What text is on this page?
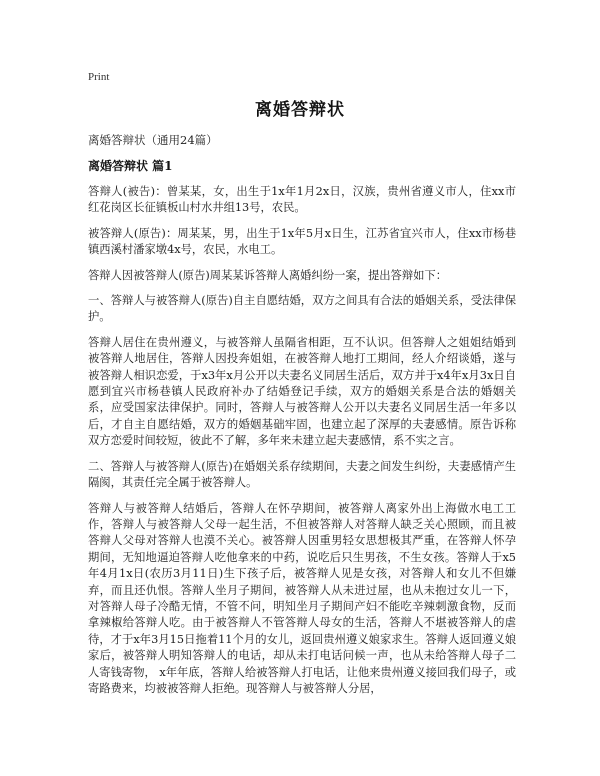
Print
离婚答辩状

离婚答辩状（通用24篇）

离婚答辩状 篇1

答辩人(被告)：曾某某，女，出生于1x年1月2x日，汉族，贵州省遵义市人，住xx市红花岗区长征镇板山村水井组13号，农民。

被答辩人(原告)：周某某，男，出生于1x年5月x日生，江苏省宜兴市人，住xx市杨巷镇西溪村潘家墩4x号，农民，水电工。

答辩人因被答辩人(原告)周某某诉答辩人离婚纠纷一案，提出答辩如下：

一、答辩人与被答辩人(原告)自主自愿结婚，双方之间具有合法的婚姻关系，受法律保护。

答辩人居住在贵州遵义，与被答辩人虽隔省相距，互不认识。但答辩人之姐姐结婚到被答辩人地居住，答辩人因投奔姐姐，在被答辩人地打工期间，经人介绍谈婚，遂与被答辩人相识恋爱，于x3年x月公开以夫妻名义同居生活后，双方并于x4年x月3x日自愿到宜兴市杨巷镇人民政府补办了结婚登记手续，双方的婚姻关系是合法的婚姻关系，应受国家法律保护。同时，答辩人与被答辩人公开以夫妻名义同居生活一年多以后，才自主自愿结婚，双方的婚姻基础牢固，也建立起了深厚的夫妻感情。原告诉称双方恋爱时间较短，彼此不了解，多年来未建立起夫妻感情，系不实之言。

二、答辩人与被答辩人(原告)在婚姻关系存续期间，夫妻之间发生纠纷，夫妻感情产生隔阂，其责任完全属于被答辩人。

答辩人与被答辩人结婚后，答辩人在怀孕期间，被答辩人离家外出上海做水电工工作，答辩人与被答辩人父母一起生活，不但被答辩人对答辩人缺乏关心照顾，而且被答辩人父母对答辩人也漠不关心。被答辩人因重男轻女思想极其严重，在答辩人怀孕期间，无知地逼迫答辩人吃他拿来的中药，说吃后只生男孩，不生女孩。答辩人于x5年4月1x日(农历3月11日)生下孩子后，被答辩人见是女孩，对答辩人和女儿不但嫌弃，而且还仇恨。答辩人坐月子期间，被答辩人从未进过屋，也从未抱过女儿一下，对答辩人母子冷酷无情，不管不问，明知坐月子期间产妇不能吃辛辣刺激食物，反而拿辣椒给答辩人吃。由于被答辩人不管答辩人母女的生活，答辩人不堪被答辩人的虐待，才于x年3月15日拖着11个月的女儿，返回贵州遵义娘家求生。答辩人返回遵义娘家后，被答辩人明知答辩人的电话，却从未打电话问候一声，也从未给答辩人母子二人寄钱寄物， x年年底，答辩人给被答辩人打电话，让他来贵州遵义接回我们母子，或寄路费来，均被被答辩人拒绝。现答辩人与被答辩人分居，
